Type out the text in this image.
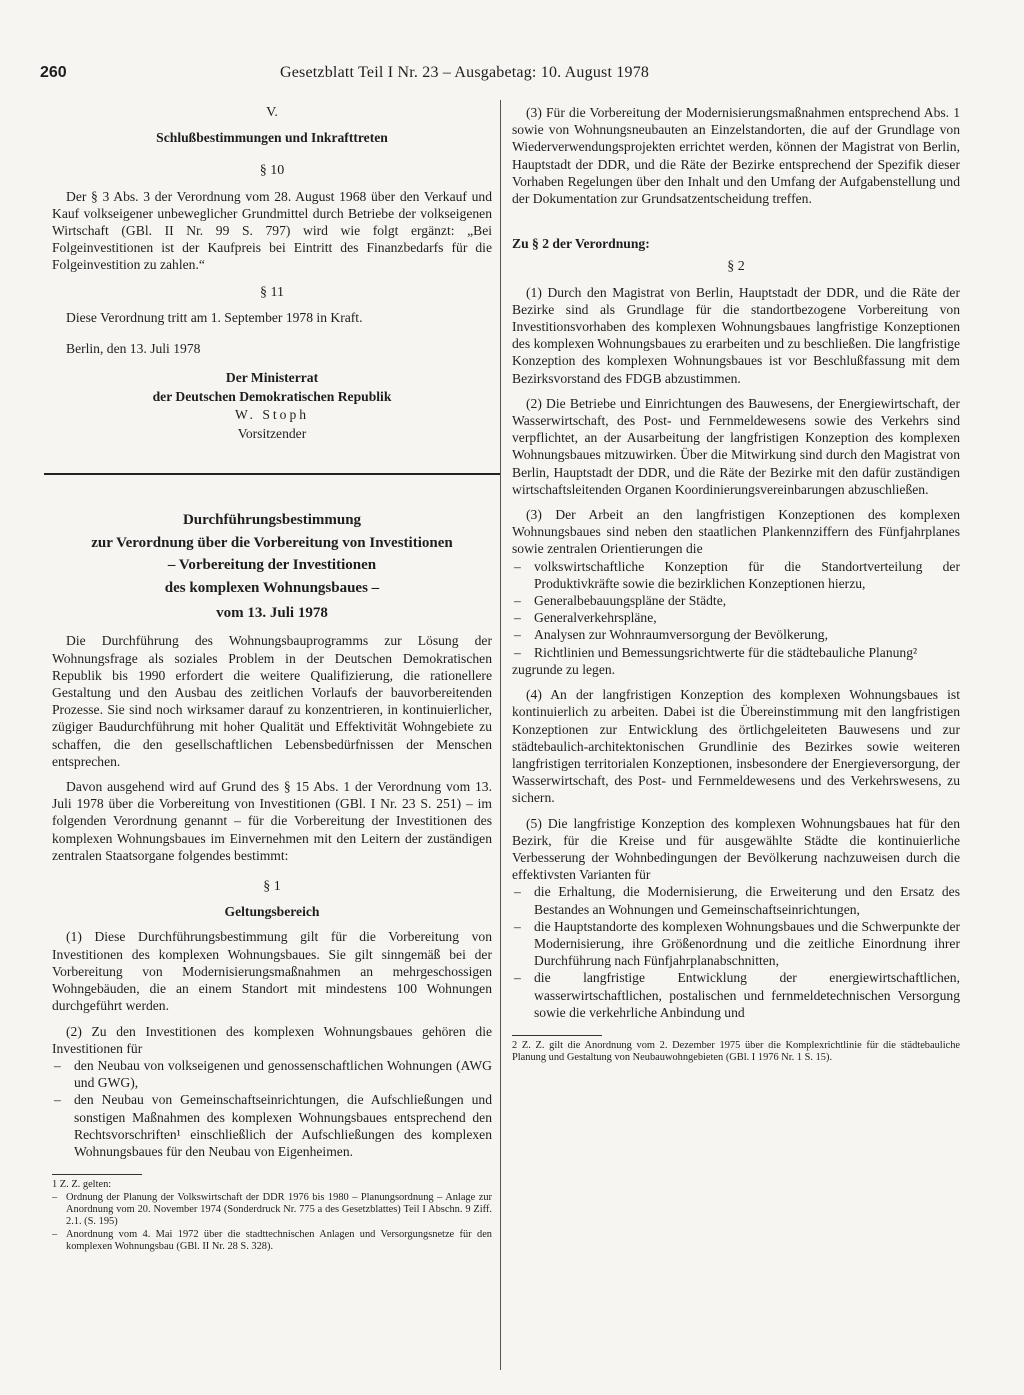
260	Gesetzblatt Teil I Nr. 23 – Ausgabetag: 10. August 1978
V.
Schlußbestimmungen und Inkrafttreten
§ 10

Der § 3 Abs. 3 der Verordnung vom 28. August 1968 über den Verkauf und Kauf volkseigener unbeweglicher Grundmittel durch Betriebe der volkseigenen Wirtschaft (GBl. II Nr. 99 S. 797) wird wie folgt ergänzt: „Bei Folgeinvestitionen ist der Kaufpreis bei Eintritt des Finanzbedarfs für die Folgeinvestition zu zahlen.“

§ 11

Diese Verordnung tritt am 1. September 1978 in Kraft.

Berlin, den 13. Juli 1978

Der Ministerrat
der Deutschen Demokratischen Republik
W. Stoph
Vorsitzender
Durchführungsbestimmung
zur Verordnung über die Vorbereitung von Investitionen
– Vorbereitung der Investitionen
des komplexen Wohnungsbaues –
vom 13. Juli 1978

Die Durchführung des Wohnungsbauprogramms zur Lösung der Wohnungsfrage als soziales Problem in der Deutschen Demokratischen Republik bis 1990 erfordert die weitere Qualifizierung, die rationellere Gestaltung und den Ausbau des zeitlichen Vorlaufs der bauvorbereitenden Prozesse. Sie sind noch wirksamer darauf zu konzentrieren, in kontinuierlicher, zügiger Baudurchführung mit hoher Qualität und Effektivität Wohngebiete zu schaffen, die den gesellschaftlichen Lebensbedürfnissen der Menschen entsprechen.

Davon ausgehend wird auf Grund des § 15 Abs. 1 der Verordnung vom 13. Juli 1978 über die Vorbereitung von Investitionen (GBl. I Nr. 23 S. 251) – im folgenden Verordnung genannt – für die Vorbereitung der Investitionen des komplexen Wohnungsbaues im Einvernehmen mit den Leitern der zuständigen zentralen Staatsorgane folgendes bestimmt:

§ 1
Geltungsbereich

(1) Diese Durchführungsbestimmung gilt für die Vorbereitung von Investitionen des komplexen Wohnungsbaues. Sie gilt sinngemäß bei der Vorbereitung von Modernisierungsmaßnahmen an mehrgeschossigen Wohngebäuden, die an einem Standort mit mindestens 100 Wohnungen durchgeführt werden.

(2) Zu den Investitionen des komplexen Wohnungsbaues gehören die Investitionen für

– den Neubau von volkseigenen und genossenschaftlichen Wohnungen (AWG und GWG),
– den Neubau von Gemeinschaftseinrichtungen, die Aufschließungen und sonstigen Maßnahmen des komplexen Wohnungsbaues entsprechend den Rechtsvorschriften¹ einschließlich der Aufschließungen des komplexen Wohnungsbaues für den Neubau von Eigenheimen.
1 Z. Z. gelten:
– Ordnung der Planung der Volkswirtschaft der DDR 1976 bis 1980 – Planungsordnung – Anlage zur Anordnung vom 20. November 1974 (Sonderdruck Nr. 775 a des Gesetzblattes) Teil I Abschn. 9 Ziff. 2.1. (S. 195)
– Anordnung vom 4. Mai 1972 über die stadttechnischen Anlagen und Versorgungsnetze für den komplexen Wohnungsbau (GBl. II Nr. 28 S. 328).

(3) Für die Vorbereitung der Modernisierungsmaßnahmen entsprechend Abs. 1 sowie von Wohnungsneubauten an Einzelstandorten, die auf der Grundlage von Wiederverwendungsprojekten errichtet werden, können der Magistrat von Berlin, Hauptstadt der DDR, und die Räte der Bezirke entsprechend der Spezifik dieser Vorhaben Regelungen über den Inhalt und den Umfang der Aufgabenstellung und der Dokumentation zur Grundsatzentscheidung treffen.

Zu § 2 der Verordnung:

§ 2

(1) Durch den Magistrat von Berlin, Hauptstadt der DDR, und die Räte der Bezirke sind als Grundlage für die standortbezogene Vorbereitung von Investitionsvorhaben des komplexen Wohnungsbaues langfristige Konzeptionen des komplexen Wohnungsbaues zu erarbeiten und zu beschließen. Die langfristige Konzeption des komplexen Wohnungsbaues ist vor Beschlußfassung mit dem Bezirksvorstand des FDGB abzustimmen.

(2) Die Betriebe und Einrichtungen des Bauwesens, der Energiewirtschaft, der Wasserwirtschaft, des Post- und Fernmeldewesens sowie des Verkehrs sind verpflichtet, an der Ausarbeitung der langfristigen Konzeption des komplexen Wohnungsbaues mitzuwirken. Über die Mitwirkung sind durch den Magistrat von Berlin, Hauptstadt der DDR, und die Räte der Bezirke mit den dafür zuständigen wirtschaftsleitenden Organen Koordinierungsvereinbarungen abzuschließen.

(3) Der Arbeit an den langfristigen Konzeptionen des komplexen Wohnungsbaues sind neben den staatlichen Plankennziffern des Fünfjahrplanes sowie zentralen Orientierungen die

– volkswirtschaftliche Konzeption für die Standortverteilung der Produktivkräfte sowie die bezirklichen Konzeptionen hierzu,
– Generalbebauungspläne der Städte,
– Generalverkehrspläne,
– Analysen zur Wohnraumversorgung der Bevölkerung,
– Richtlinien und Bemessungsrichtwerte für die städtebauliche Planung²

zugrunde zu legen.

(4) An der langfristigen Konzeption des komplexen Wohnungsbaues ist kontinuierlich zu arbeiten. Dabei ist die Übereinstimmung mit den langfristigen Konzeptionen zur Entwicklung des örtlichgeleiteten Bauwesens und zur städtebaulich-architektonischen Grundlinie des Bezirkes sowie weiteren langfristigen territorialen Konzeptionen, insbesondere der Energieversorgung, der Wasserwirtschaft, des Post- und Fernmeldewesens und des Verkehrswesens, zu sichern.

(5) Die langfristige Konzeption des komplexen Wohnungsbaues hat für den Bezirk, für die Kreise und für ausgewählte Städte die kontinuierliche Verbesserung der Wohnbedingungen der Bevölkerung nachzuweisen durch die effektivsten Varianten für

– die Erhaltung, die Modernisierung, die Erweiterung und den Ersatz des Bestandes an Wohnungen und Gemeinschaftseinrichtungen,
– die Hauptstandorte des komplexen Wohnungsbaues und die Schwerpunkte der Modernisierung, ihre Größenordnung und die zeitliche Einordnung ihrer Durchführung nach Fünfjahrplanabschnitten,
– die langfristige Entwicklung der energiewirtschaftlichen, wasserwirtschaftlichen, postalischen und fernmeldetechnischen Versorgung sowie die verkehrliche Anbindung und
2 Z. Z. gilt die Anordnung vom 2. Dezember 1975 über die Komplexrichtlinie für die städtebauliche Planung und Gestaltung von Neubauwohngebieten (GBl. I 1976 Nr. 1 S. 15).
